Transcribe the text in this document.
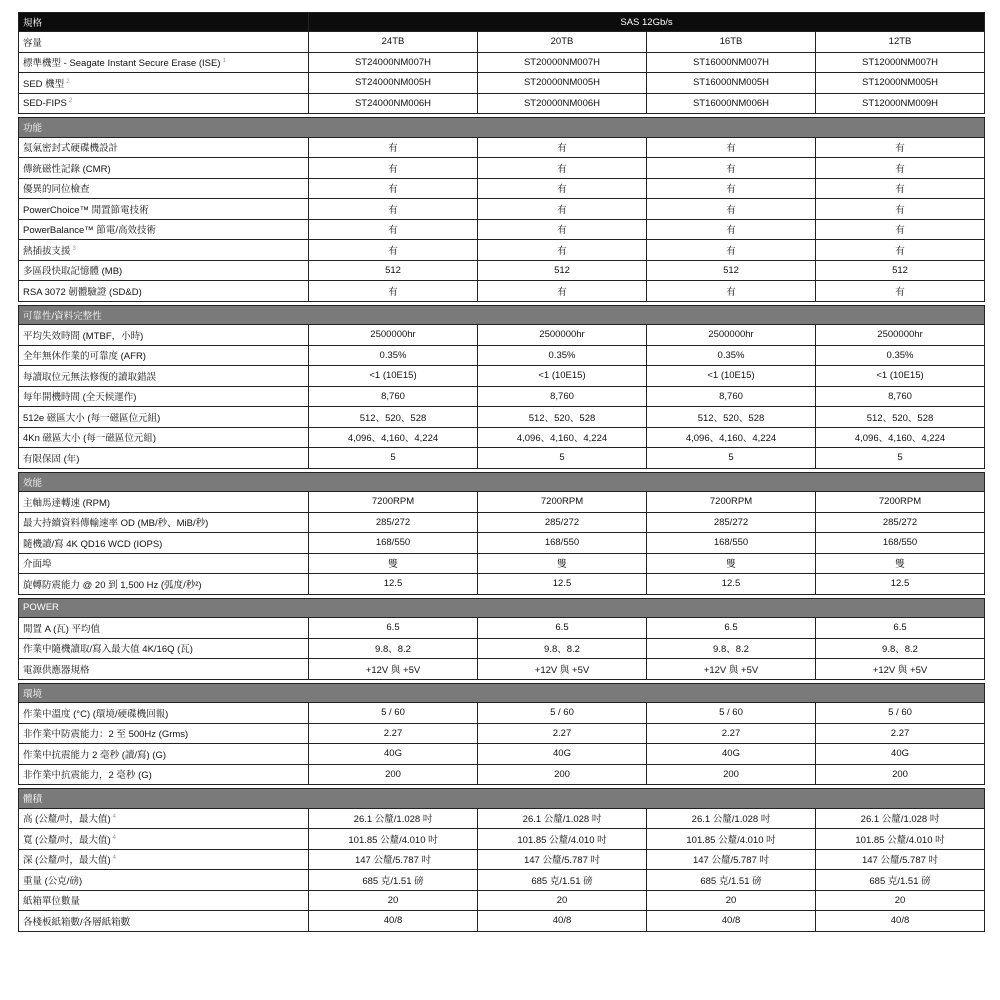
規格	SAS 12Gb/s			
容量	24TB	20TB	16TB	12TB
標準機型 - Seagate Instant Secure Erase (ISE) $^1$	ST24000NM007H	ST20000NM007H	ST16000NM007H	ST12000NM007H
SED 機型 $^2$	ST24000NM005H	ST20000NM005H	ST16000NM005H	ST12000NM005H
SED-FIPS $^2$	ST24000NM006H	ST20000NM006H	ST16000NM006H	ST12000NM009H

功能				
氦氣密封式硬碟機設計	有	有	有	有
傳統磁性記錄 (CMR)	有	有	有	有
優異的同位檢查	有	有	有	有
PowerChoice™ 閒置節電技術	有	有	有	有
PowerBalance™ 節電/高效技術	有	有	有	有
熱插拔支援 $^3$	有	有	有	有
多區段快取記憶體 (MB)	512	512	512	512
RSA 3072 韌體驗證 (SD&D)	有	有	有	有

可靠性/資料完整性				
平均失效時間 (MTBF，小時)	2500000hr	2500000hr	2500000hr	2500000hr
全年無休作業的可靠度 (AFR)	0.35%	0.35%	0.35%	0.35%
每讀取位元無法修復的讀取錯誤	<1 (10E15)	<1 (10E15)	<1 (10E15)	<1 (10E15)
每年開機時間 (全天候運作)	8,760	8,760	8,760	8,760
512e 磁區大小 (每一磁區位元組)	512、520、528	512、520、528	512、520、528	512、520、528
4Kn 磁區大小 (每一磁區位元組)	4,096、4,160、4,224	4,096、4,160、4,224	4,096、4,160、4,224	4,096、4,160、4,224
有限保固 (年)	5	5	5	5

效能				
主軸馬達轉速 (RPM)	7200RPM	7200RPM	7200RPM	7200RPM
最大持續資料傳輸速率 OD (MB/秒、MiB/秒)	285/272	285/272	285/272	285/272
隨機讀/寫 4K QD16 WCD (IOPS)	168/550	168/550	168/550	168/550
介面埠	雙	雙	雙	雙
旋轉防震能力 @ 20 到 1,500 Hz (弧度/秒²)	12.5	12.5	12.5	12.5

POWER				
閒置 A (瓦) 平均值	6.5	6.5	6.5	6.5
作業中隨機讀取/寫入最大值 4K/16Q (瓦)	9.8、8.2	9.8、8.2	9.8、8.2	9.8、8.2
電源供應器規格	+12V 與 +5V	+12V 與 +5V	+12V 與 +5V	+12V 與 +5V

環境				
作業中溫度 (°C) (環境/硬碟機回報)	5 / 60	5 / 60	5 / 60	5 / 60
非作業中防震能力：2 至 500Hz (Grms)	2.27	2.27	2.27	2.27
作業中抗震能力 2 毫秒 (讀/寫) (G)	40G	40G	40G	40G
非作業中抗震能力，2 毫秒 (G)	200	200	200	200

體積				
高 (公釐/吋，最大值) $^4$	26.1 公釐/1.028 吋	26.1 公釐/1.028 吋	26.1 公釐/1.028 吋	26.1 公釐/1.028 吋
寬 (公釐/吋，最大值) $^4$	101.85 公釐/4.010 吋	101.85 公釐/4.010 吋	101.85 公釐/4.010 吋	101.85 公釐/4.010 吋
深 (公釐/吋，最大值) $^4$	147 公釐/5.787 吋	147 公釐/5.787 吋	147 公釐/5.787 吋	147 公釐/5.787 吋
重量 (公克/磅)	685 克/1.51 磅	685 克/1.51 磅	685 克/1.51 磅	685 克/1.51 磅
紙箱單位數量	20	20	20	20
各棧板紙箱數/各層紙箱數	40/8	40/8	40/8	40/8
